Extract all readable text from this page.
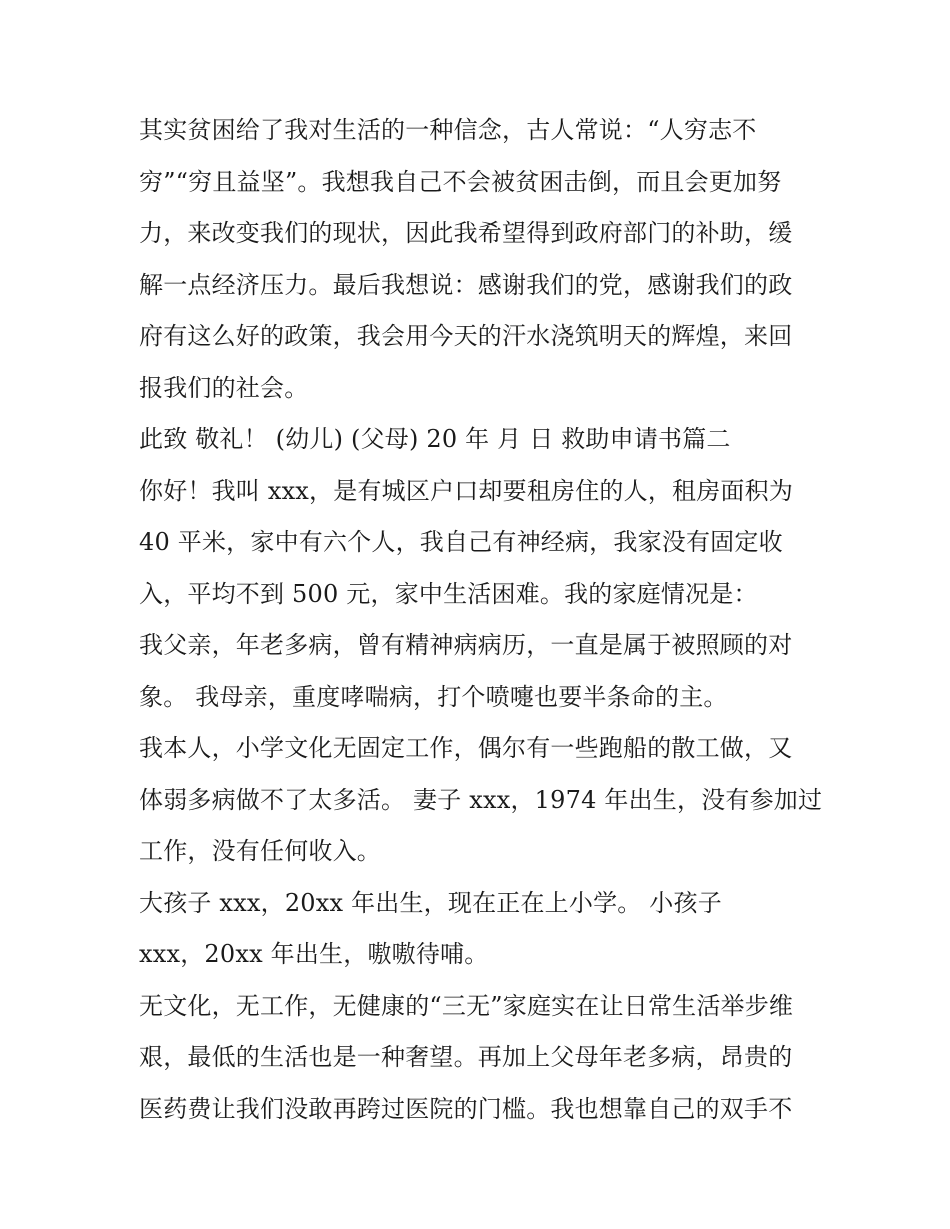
其实贫困给了我对生活的一种信念，古人常说：“人穷志不
穷”“穷且益坚”。我想我自己不会被贫困击倒，而且会更加努
力，来改变我们的现状，因此我希望得到政府部门的补助，缓
解一点经济压力。最后我想说：感谢我们的党，感谢我们的政
府有这么好的政策，我会用今天的汗水浇筑明天的辉煌，来回
报我们的社会。
此致 敬礼！ (幼儿) (父母) 20 年 月 日 救助申请书篇二
你好！我叫 xxx，是有城区户口却要租房住的人，租房面积为
40 平米，家中有六个人，我自己有神经病，我家没有固定收
入，平均不到 500 元，家中生活困难。我的家庭情况是：
我父亲，年老多病，曾有精神病病历，一直是属于被照顾的对
象。 我母亲，重度哮喘病，打个喷嚏也要半条命的主。
我本人，小学文化无固定工作，偶尔有一些跑船的散工做，又
体弱多病做不了太多活。 妻子 xxx，1974 年出生，没有参加过
工作，没有任何收入。
大孩子 xxx，20xx 年出生，现在正在上小学。 小孩子
xxx，20xx 年出生，嗷嗷待哺。
无文化，无工作，无健康的“三无”家庭实在让日常生活举步维
艰，最低的生活也是一种奢望。再加上父母年老多病，昂贵的
医药费让我们没敢再跨过医院的门槛。我也想靠自己的双手不
